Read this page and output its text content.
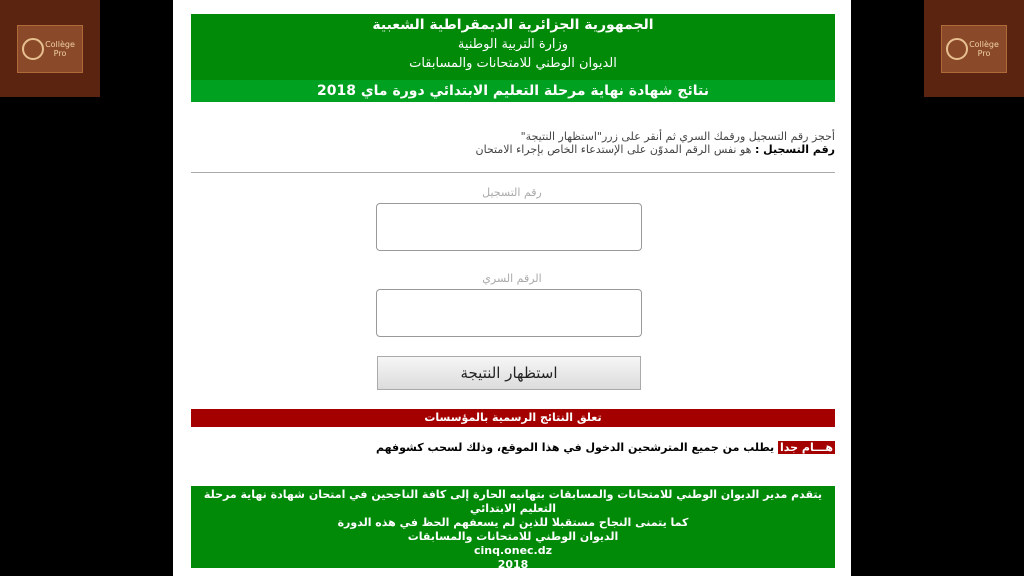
Collège Pro
Collège Pro
الجمهورية الجزائرية الديمقراطية الشعبية
وزارة التربية الوطنية
الديوان الوطني للامتحانات والمسابقات
نتائج شهادة نهاية مرحلة التعليم الابتدائي دورة ماي 2018
أحجز رقم التسجيل ورقمك السري ثم أنقر على زرر"استظهار النتيجة"
رقم التسجيل : هو نفس الرقم المدوّن على الإستدعاء الخاص بإجراء الامتحان
رقم التسجيل
الرقم السري
استظهار النتيجة
تعلق النتائج الرسمية بالمؤسسات
هـــام جدا يطلب من جميع المترشحين الدخول في هذا الموقع، وذلك لسحب كشوفهم
يتقدم مدير الديوان الوطني للامتحانات والمسابقات بتهانيه الحارة إلى كافة الناجحين في امتحان شهادة نهاية مرحلة التعليم الابتدائي
كما يتمنى النجاح مستقبلا للذين لم يسعفهم الحظ في هذه الدورة
الديوان الوطني للامتحانات والمسابقات
cinq.onec.dz
2018
